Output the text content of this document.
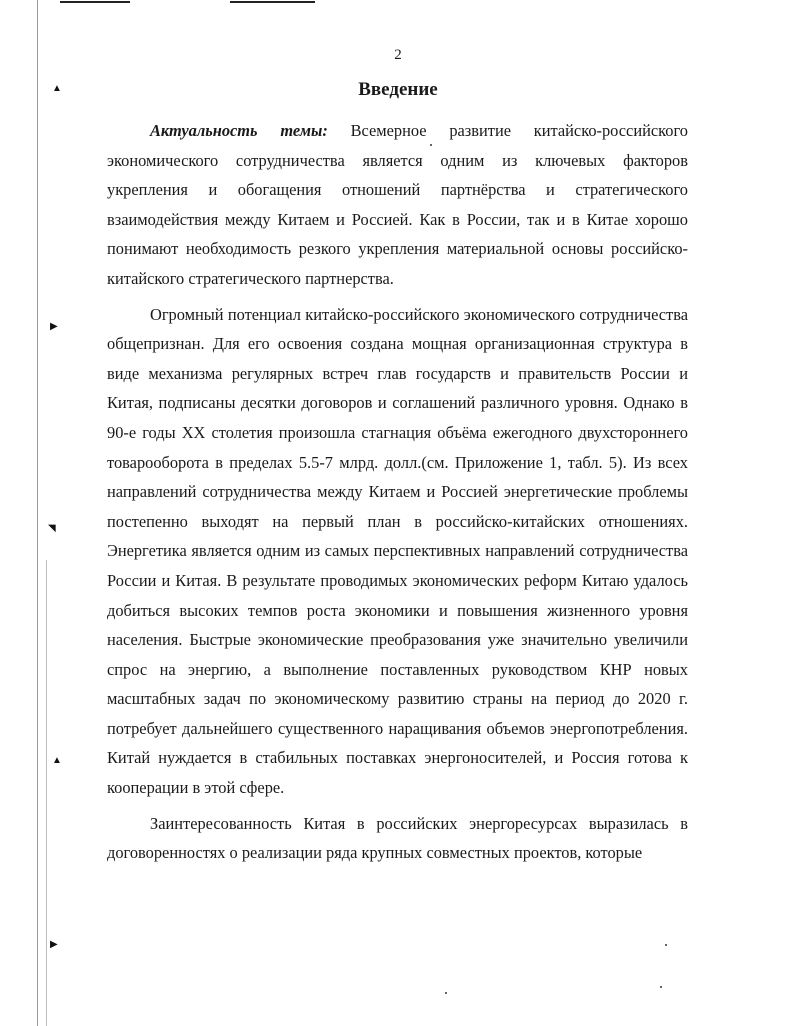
▲
▶
◥
▲
▶
2
Введение

Актуальность темы: Всемерное развитие китайско-российского экономического сотрудничества является одним из ключевых факторов укрепления и обогащения отношений партнёрства и стратегического взаимодействия между Китаем и Россией. Как в России, так и в Китае хорошо понимают необходимость резкого укрепления материальной основы российско-китайского стратегического партнерства.

Огромный потенциал китайско-российского экономического сотрудничества общепризнан. Для его освоения создана мощная организационная структура в виде механизма регулярных встреч глав государств и правительств России и Китая, подписаны десятки договоров и соглашений различного уровня. Однако в 90-е годы XX столетия произошла стагнация объёма ежегодного двухстороннего товарооборота в пределах 5.5-7 млрд. долл.(см. Приложение 1, табл. 5). Из всех направлений сотрудничества между Китаем и Россией энергетические проблемы постепенно выходят на первый план в российско-китайских отношениях. Энергетика является одним из самых перспективных направлений сотрудничества России и Китая. В результате проводимых экономических реформ Китаю удалось добиться высоких темпов роста экономики и повышения жизненного уровня населения. Быстрые экономические преобразования уже значительно увеличили спрос на энергию, а выполнение поставленных руководством КНР новых масштабных задач по экономическому развитию страны на период до 2020 г. потребует дальнейшего существенного наращивания объемов энергопотребления. Китай нуждается в стабильных поставках энергоносителей, и Россия готова к кооперации в этой сфере.

Заинтересованность Китая в российских энергоресурсах выразилась в договоренностях о реализации ряда крупных совместных проектов, которые
